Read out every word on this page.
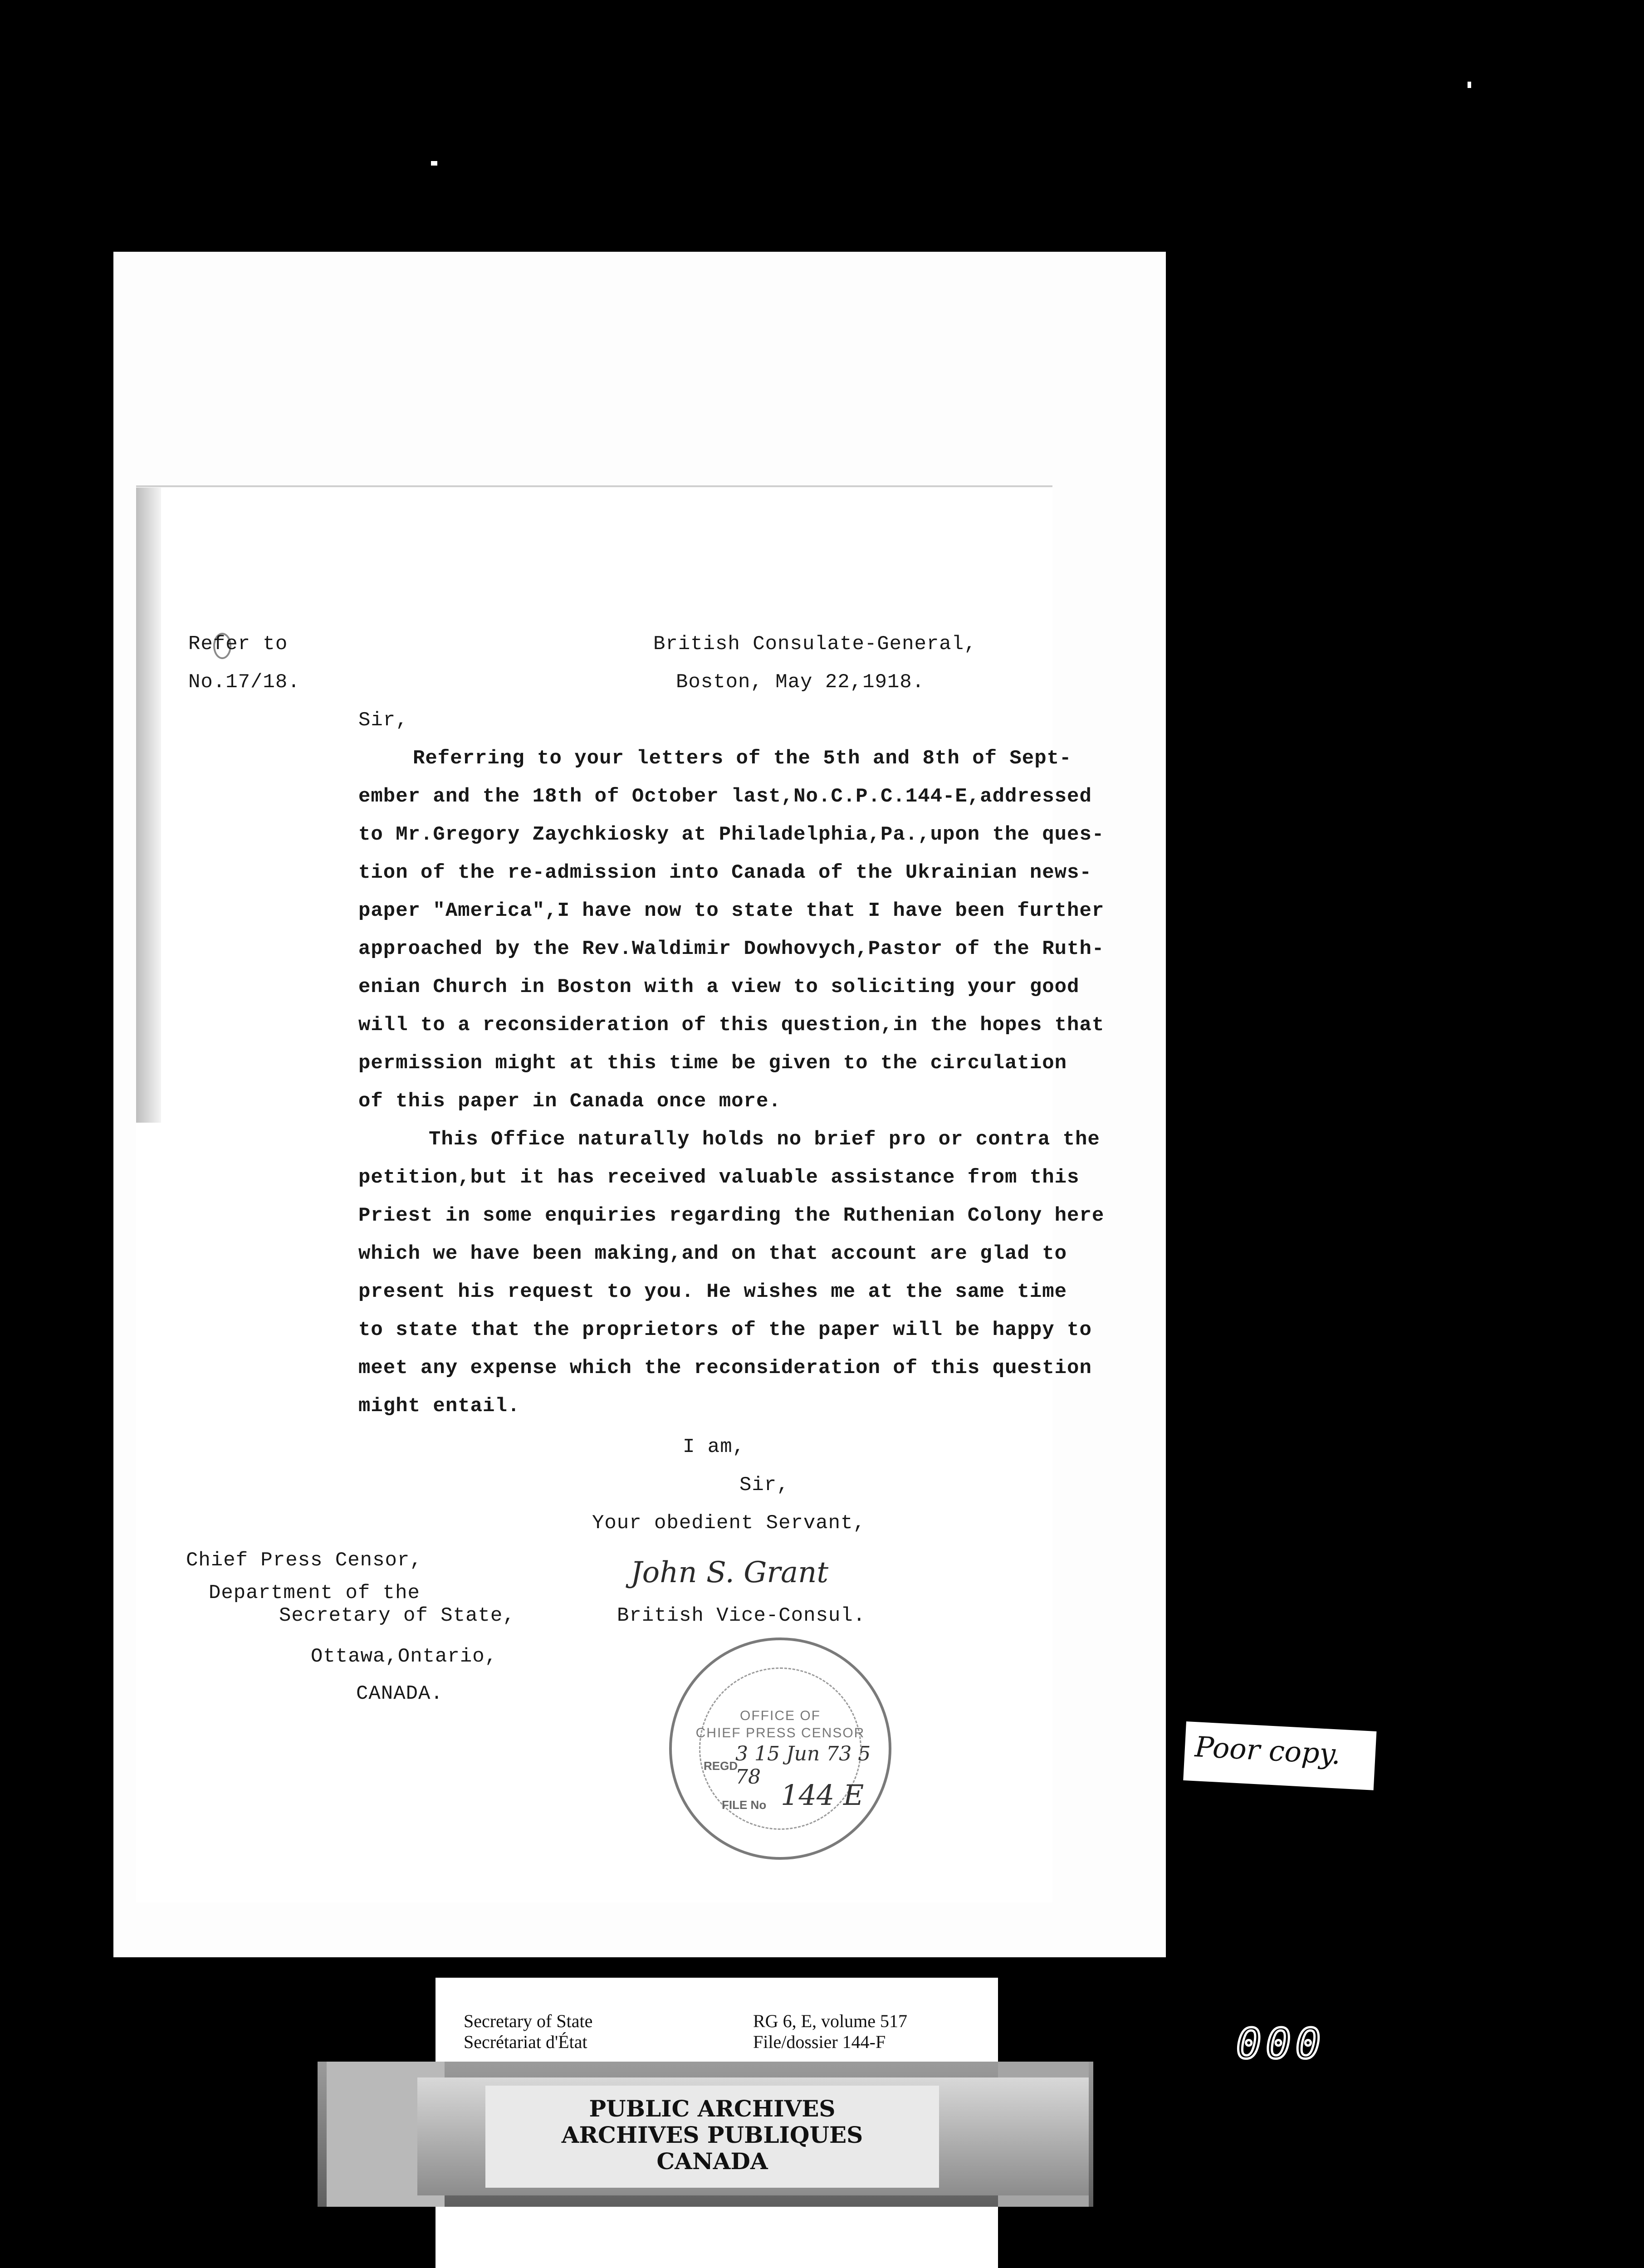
Refer to
No.17/18.
British Consulate-General,
Boston, May 22,1918.
Sir,
Referring to your letters of the 5th and 8th of Sept-
ember and the 18th of October last,No.C.P.C.144-E,addressed
to Mr.Gregory Zaychkiosky at Philadelphia,Pa.,upon the ques-
tion of the re-admission into Canada of the Ukrainian news-
paper "America",I have now to state that I have been further
approached by the Rev.Waldimir Dowhovych,Pastor of the Ruth-
enian Church in Boston with a view to soliciting your good
will to a reconsideration of this question,in the hopes that
permission might at this time be given to the circulation
of this paper in Canada once more.
This Office naturally holds no brief pro or contra the
petition,but it has received valuable assistance from this
Priest in some enquiries regarding the Ruthenian Colony here
which we have been making,and on that account are glad to
present his request to you. He wishes me at the same time
to state that the proprietors of the paper will be happy to
meet any expense which the reconsideration of this question
might entail.
I am,
Sir,
Your obedient Servant,
John S. Grant
British Vice-Consul.
Chief Press Censor,
Department of the
Secretary of State,
Ottawa,Ontario,
CANADA.
OFFICE OF
CHIEF PRESS CENSOR
REGD
3 15 Jun 73 5 78
FILE No 144 E
Poor copy.
Secretary of State
Secrétariat d'État
RG 6, E, volume 517
File/dossier 144-F
PUBLIC ARCHIVES
ARCHIVES PUBLIQUES
CANADA
000
